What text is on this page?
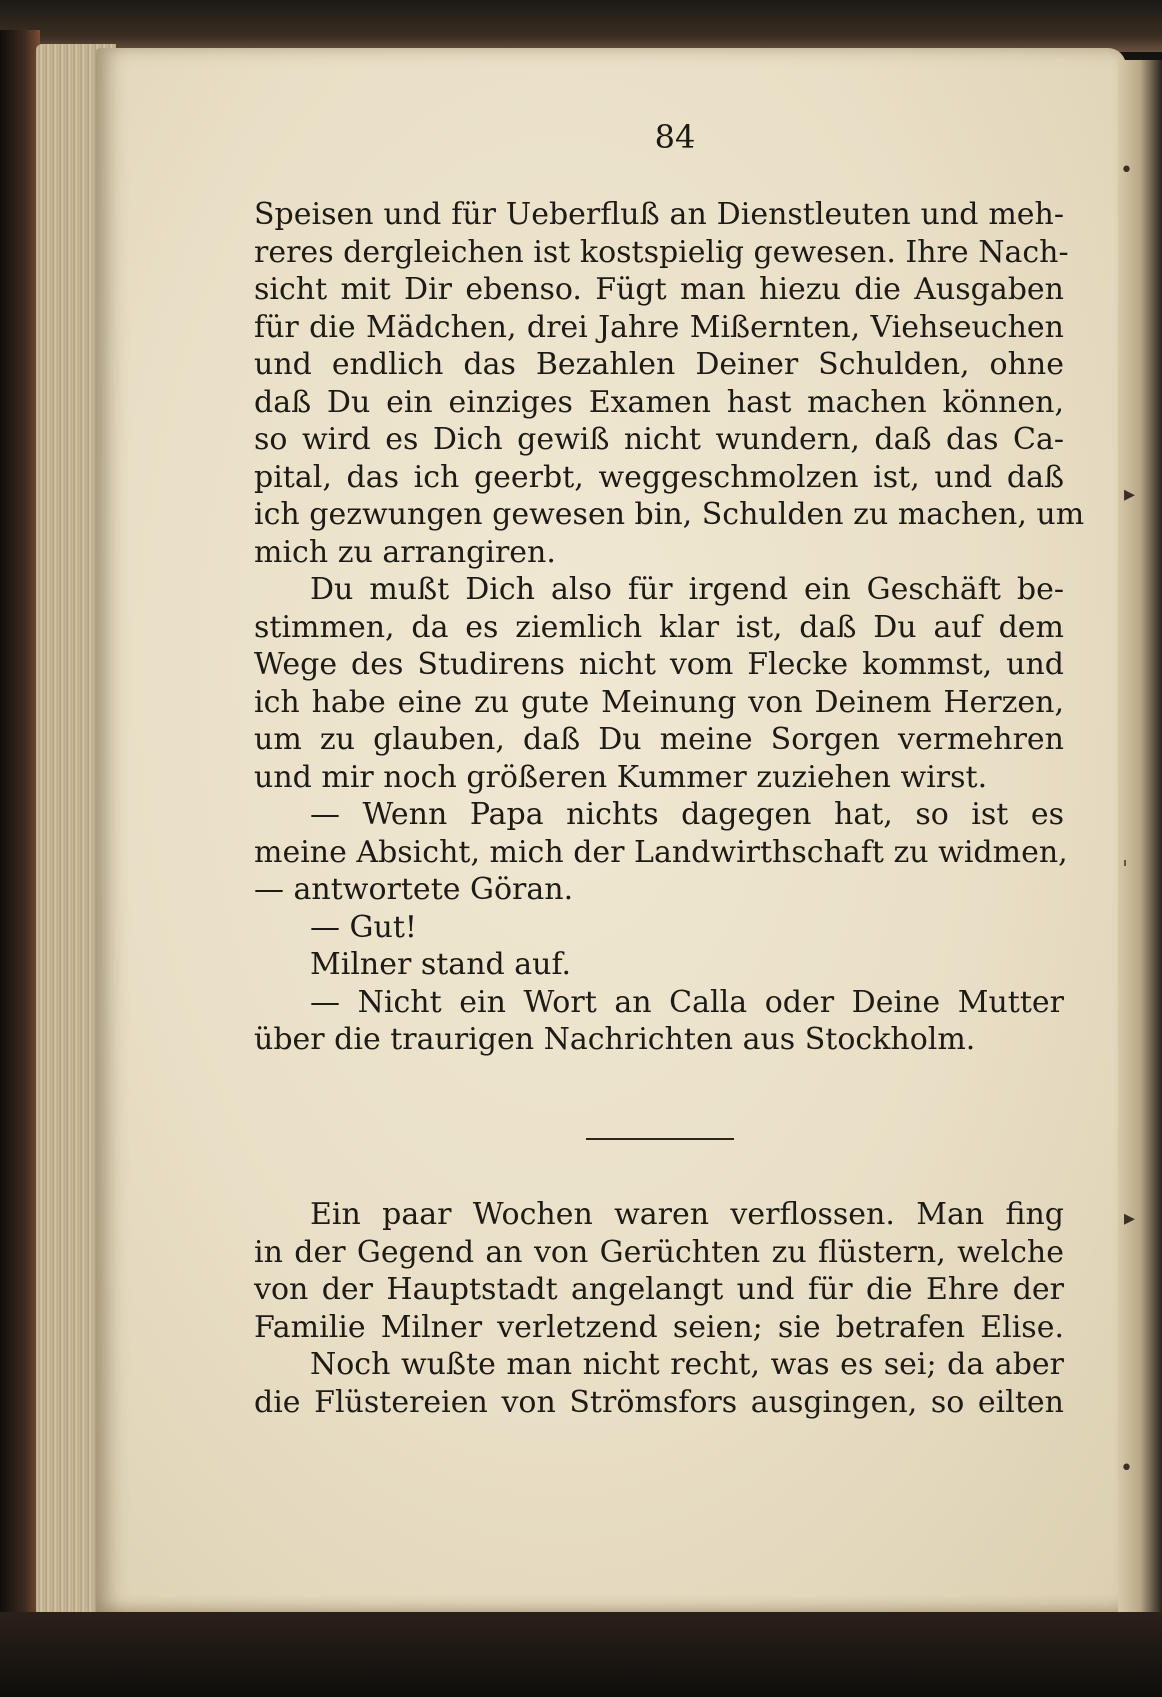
•
▸
ˈ
▸
•
84
Speisen und für Ueberfluß an Dienstleuten und meh-
reres dergleichen ist kostspielig gewesen. Ihre Nach-
sicht mit Dir ebenso. Fügt man hiezu die Ausgaben
für die Mädchen, drei Jahre Mißernten, Viehseuchen
und endlich das Bezahlen Deiner Schulden, ohne
daß Du ein einziges Examen hast machen können,
so wird es Dich gewiß nicht wundern, daß das Ca-
pital, das ich geerbt, weggeschmolzen ist, und daß
ich gezwungen gewesen bin, Schulden zu machen, um
mich zu arrangiren.
Du mußt Dich also für irgend ein Geschäft be-
stimmen, da es ziemlich klar ist, daß Du auf dem
Wege des Studirens nicht vom Flecke kommst, und
ich habe eine zu gute Meinung von Deinem Herzen,
um zu glauben, daß Du meine Sorgen vermehren
und mir noch größeren Kummer zuziehen wirst.
— Wenn Papa nichts dagegen hat, so ist es
meine Absicht, mich der Landwirthschaft zu widmen,
— antwortete Göran.
— Gut!
Milner stand auf.
— Nicht ein Wort an Calla oder Deine Mutter
über die traurigen Nachrichten aus Stockholm.
Ein paar Wochen waren verflossen. Man fing
in der Gegend an von Gerüchten zu flüstern, welche
von der Hauptstadt angelangt und für die Ehre der
Familie Milner verletzend seien; sie betrafen Elise.
Noch wußte man nicht recht, was es sei; da aber
die Flüstereien von Strömsfors ausgingen, so eilten
